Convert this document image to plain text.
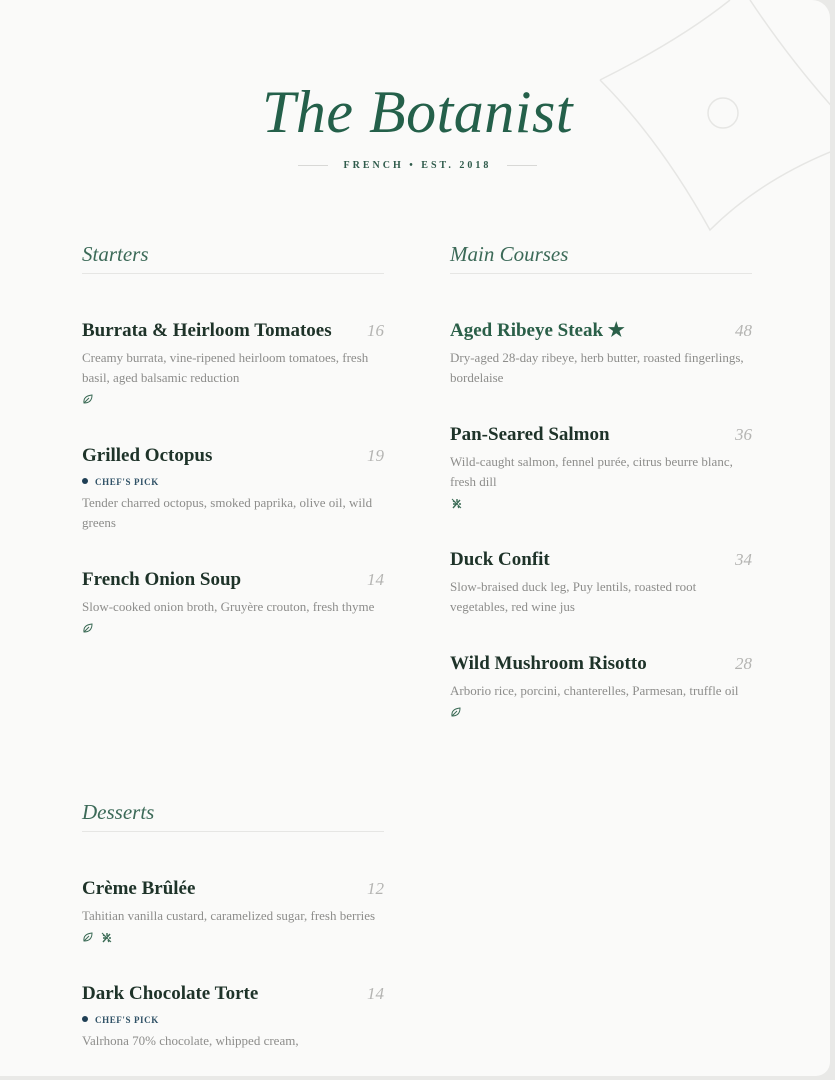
The Botanist
FRENCH • EST. 2018
Starters
Burrata & Heirloom Tomatoes 16
Creamy burrata, vine-ripened heirloom tomatoes, fresh basil, aged balsamic reduction
Grilled Octopus	19
CHEF'S PICK
Tender charred octopus, smoked paprika, olive oil, wild greens
French Onion Soup	14
Slow-cooked onion broth, Gruyère crouton, fresh thyme
Main Courses
Aged Ribeye Steak ★	48
Dry-aged 28-day ribeye, herb butter, roasted fingerlings, bordelaise
Pan-Seared Salmon	36
Wild-caught salmon, fennel purée, citrus beurre blanc, fresh dill
Duck Confit	34
Slow-braised duck leg, Puy lentils, roasted root vegetables, red wine jus
Wild Mushroom Risotto	28
Arborio rice, porcini, chanterelles, Parmesan, truffle oil
Desserts
Crème Brûlée	12
Tahitian vanilla custard, caramelized sugar, fresh berries
Dark Chocolate Torte	14
CHEF'S PICK
Valrhona 70% chocolate, whipped cream,
